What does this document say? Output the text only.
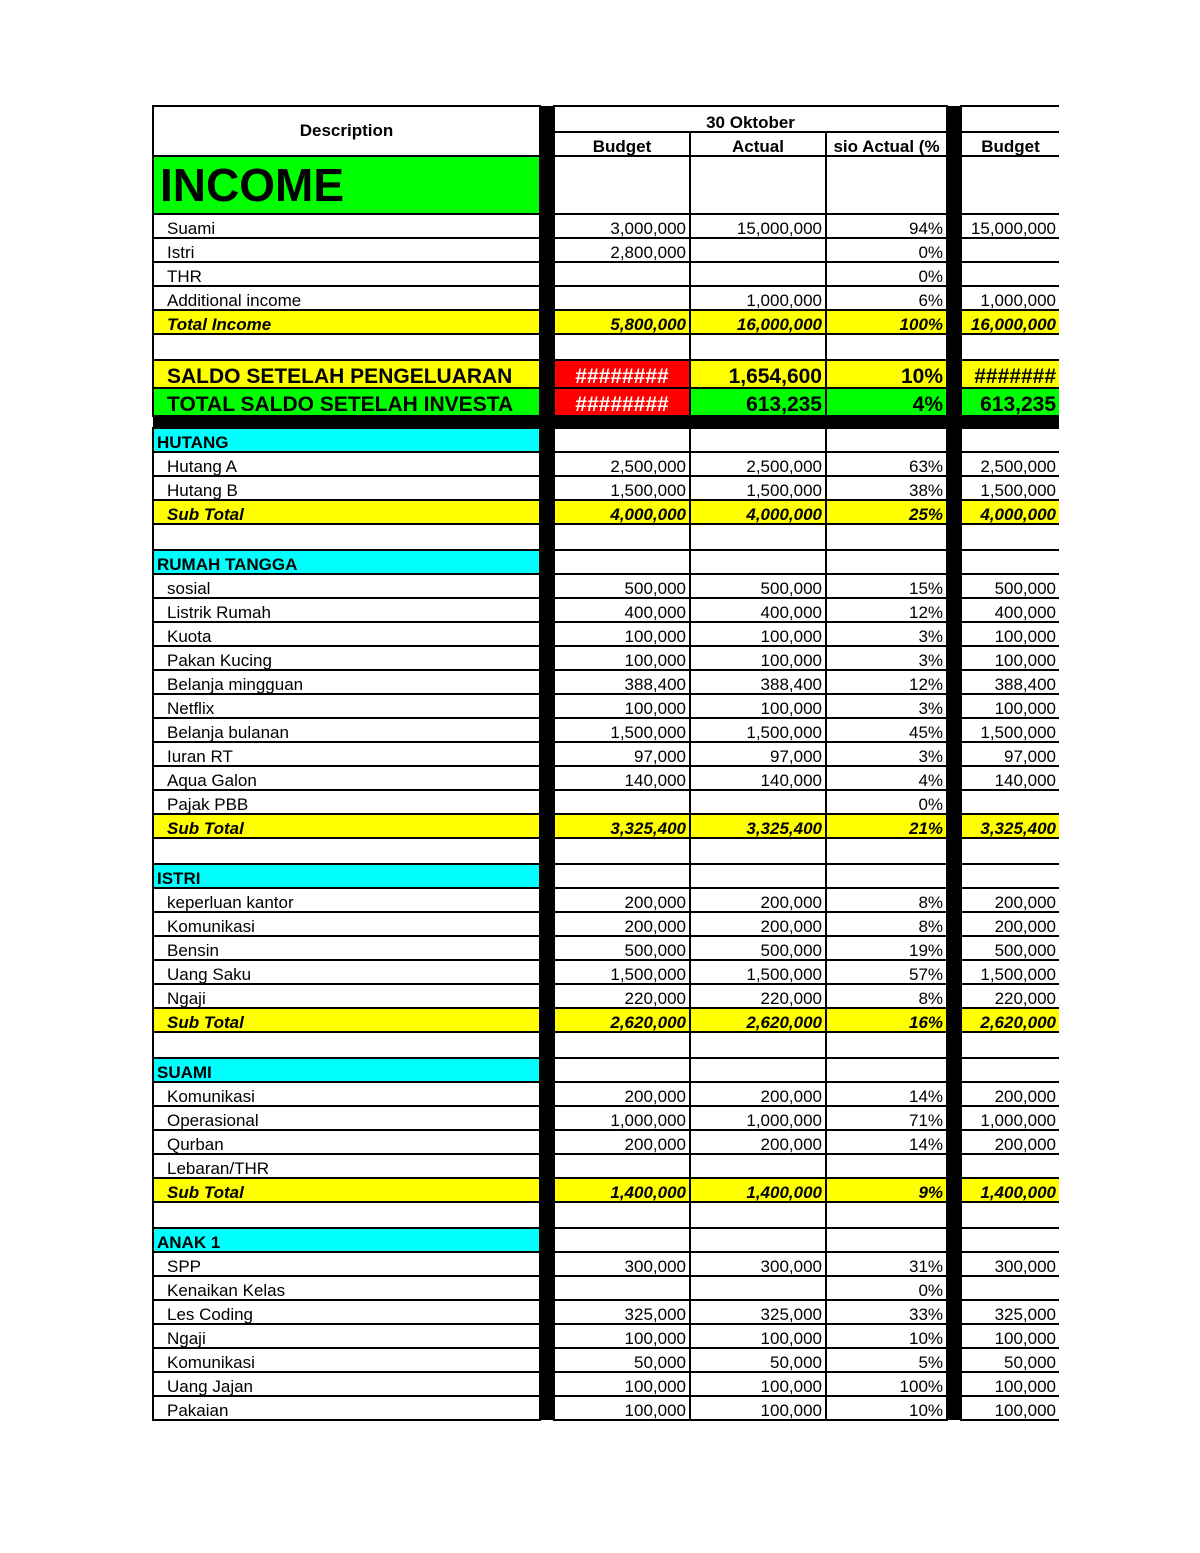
Description		30 Oktober				
		Budget	Actual	sio Actual (%		Budget
INCOME						
Suami		3,000,000	15,000,000	94%		15,000,000
Istri		2,800,000		0%		
THR				0%		
Additional income			1,000,000	6%		1,000,000
Total Income		5,800,000	16,000,000	100%		16,000,000

SALDO SETELAH PENGELUARAN		########	1,654,600	10%		#######
TOTAL SALDO SETELAH INVESTA		########	613,235	4%		613,235

HUTANG						
Hutang A		2,500,000	2,500,000	63%		2,500,000
Hutang B		1,500,000	1,500,000	38%		1,500,000
Sub Total		4,000,000	4,000,000	25%		4,000,000

RUMAH TANGGA						
sosial		500,000	500,000	15%		500,000
Listrik Rumah		400,000	400,000	12%		400,000
Kuota		100,000	100,000	3%		100,000
Pakan Kucing		100,000	100,000	3%		100,000
Belanja mingguan		388,400	388,400	12%		388,400
Netflix		100,000	100,000	3%		100,000
Belanja bulanan		1,500,000	1,500,000	45%		1,500,000
Iuran RT		97,000	97,000	3%		97,000
Aqua Galon		140,000	140,000	4%		140,000
Pajak PBB				0%		
Sub Total		3,325,400	3,325,400	21%		3,325,400

ISTRI						
keperluan kantor		200,000	200,000	8%		200,000
Komunikasi		200,000	200,000	8%		200,000
Bensin		500,000	500,000	19%		500,000
Uang Saku		1,500,000	1,500,000	57%		1,500,000
Ngaji		220,000	220,000	8%		220,000
Sub Total		2,620,000	2,620,000	16%		2,620,000

SUAMI						
Komunikasi		200,000	200,000	14%		200,000
Operasional		1,000,000	1,000,000	71%		1,000,000
Qurban		200,000	200,000	14%		200,000
Lebaran/THR						
Sub Total		1,400,000	1,400,000	9%		1,400,000

ANAK 1						
SPP		300,000	300,000	31%		300,000
Kenaikan Kelas				0%		
Les Coding		325,000	325,000	33%		325,000
Ngaji		100,000	100,000	10%		100,000
Komunikasi		50,000	50,000	5%		50,000
Uang Jajan		100,000	100,000	100%		100,000
Pakaian		100,000	100,000	10%		100,000
